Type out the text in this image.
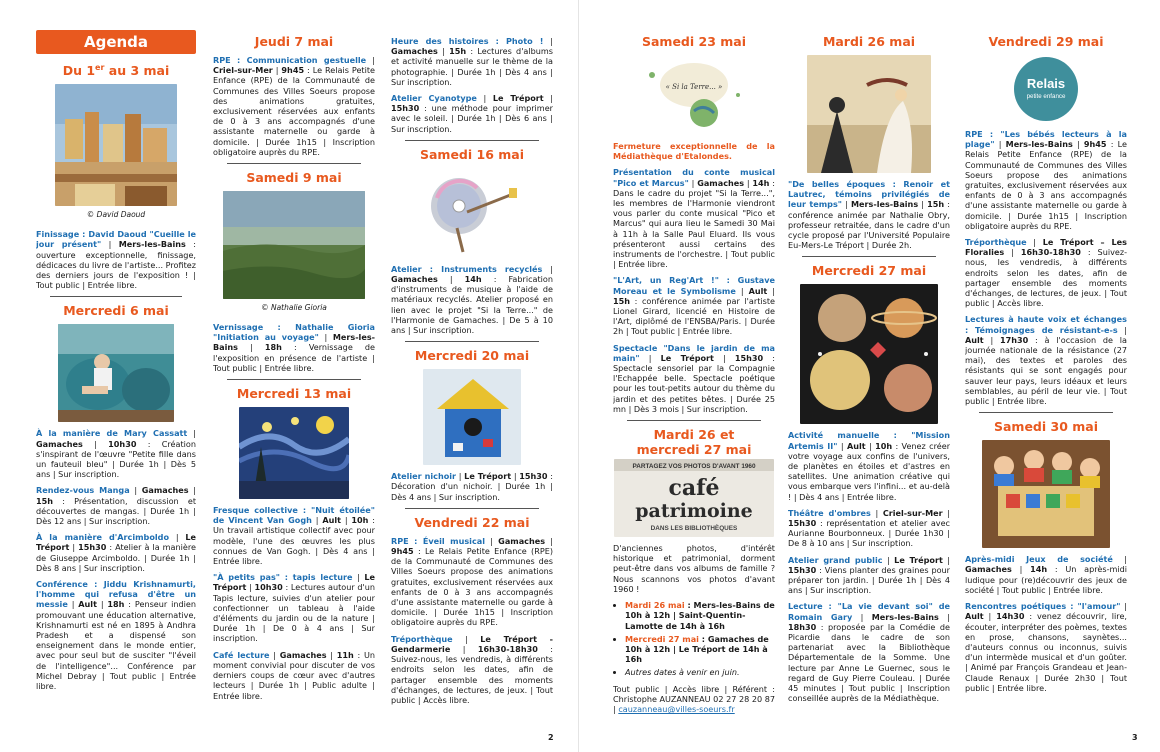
Agenda
Du 1er au 3 mai
© David Daoud
Finissage : David Daoud "Cueille le jour présent" | Mers-les-Bains : ouverture exceptionnelle, finissage, dédicaces du livre de l'artiste... Profitez des derniers jours de l'exposition ! | Tout public | Entrée libre.
Mercredi 6 mai
À la manière de Mary Cassatt | Gamaches | 10h30 : Création s'inspirant de l'œuvre "Petite fille dans un fauteuil bleu" | Durée 1h | Dès 5 ans | Sur inscription.
Rendez-vous Manga | Gamaches | 15h : Présentation, discussion et découvertes de mangas. | Durée 1h | Dès 12 ans | Sur inscription.
À la manière d'Arcimboldo | Le Tréport | 15h30 : Atelier à la manière de Giuseppe Arcimboldo. | Durée 1h | Dès 8 ans | Sur inscription.
Conférence : Jiddu Krishnamurti, l'homme qui refusa d'être un messie | Ault | 18h : Penseur indien promouvant une éducation alternative, Krishnamurti est né en 1895 à Andhra Pradesh et a dispensé son enseignement dans le monde entier, avec pour seul but de susciter "l'éveil de l'intelligence"... Conférence par Michel Debray | Tout public | Entrée libre.
Jeudi 7 mai
RPE : Communication gestuelle | Criel-sur-Mer | 9h45 : Le Relais Petite Enfance (RPE) de la Communauté de Communes des Villes Soeurs propose des animations gratuites, exclusivement réservées aux enfants de 0 à 3 ans accompagnés d'une assistante maternelle ou garde à domicile. | Durée 1h15 | Inscription obligatoire auprès du RPE.
Samedi 9 mai
© Nathalie Gioria
Vernissage : Nathalie Gioria "Initiation au voyage" | Mers-les-Bains | 18h : Vernissage de l'exposition en présence de l'artiste | Tout public | Entrée libre.
Mercredi 13 mai
Fresque collective : "Nuit étoilée" de Vincent Van Gogh | Ault | 10h : Un travail artistique collectif avec pour modèle, l'une des œuvres les plus connues de Van Gogh. | Dès 4 ans | Entrée libre.
"À petits pas" : tapis lecture | Le Tréport | 10h30 : Lectures autour d'un Tapis lecture, suivies d'un atelier pour confectionner un tableau à l'aide d'éléments du jardin ou de la nature | Durée 1h | De 0 à 4 ans | Sur inscription.
Café lecture | Gamaches | 11h : Un moment convivial pour discuter de vos derniers coups de cœur avec d'autres lecteurs | Durée 1h | Public adulte | Entrée libre.
Heure des histoires : Photo ! | Gamaches | 15h : Lectures d'albums et activité manuelle sur le thème de la photographie. | Durée 1h | Dès 4 ans | Sur inscription.
Atelier Cyanotype | Le Tréport | 15h30 : une méthode pour imprimer avec le soleil. | Durée 1h | Dès 6 ans | Sur inscription.
Samedi 16 mai
Atelier : Instruments recyclés | Gamaches | 14h : Fabrication d'instruments de musique à l'aide de matériaux recyclés. Atelier proposé en lien avec le projet "Si la Terre..." de l'Harmonie de Gamaches. | De 5 à 10 ans | Sur inscription.
Mercredi 20 mai
Atelier nichoir | Le Tréport | 15h30 : Décoration d'un nichoir. | Durée 1h | Dès 4 ans | Sur inscription.
Vendredi 22 mai
RPE : Éveil musical | Gamaches | 9h45 : Le Relais Petite Enfance (RPE) de la Communauté de Communes des Villes Soeurs propose des animations gratuites, exclusivement réservées aux enfants de 0 à 3 ans accompagnés d'une assistante maternelle ou garde à domicile. | Durée 1h15 | Inscription obligatoire auprès du RPE.
Tréporthèque | Le Tréport - Gendarmerie | 16h30-18h30 : Suivez-nous, les vendredis, à différents endroits selon les dates, afin de partager ensemble des moments d'échanges, de lectures, de jeux. | Tout public | Accès libre.
2
Samedi 23 mai
« Si la Terre... »
Fermeture exceptionnelle de la Médiathèque d'Etalondes.
Présentation du conte musical "Pico et Marcus" | Gamaches | 14h : Dans le cadre du projet "Si la Terre...", les membres de l'Harmonie viendront vous parler du conte musical "Pico et Marcus" qui aura lieu le Samedi 30 Mai à 11h à la Salle Paul Eluard. Ils vous présenteront aussi certains des instruments de l'orchestre. | Tout public | Entrée libre.
"L'Art, un Reg'Art !" : Gustave Moreau et le Symbolisme | Ault | 15h : conférence animée par l'artiste Lionel Girard, licencié en Histoire de l'Art, diplômé de l'ENSBA/Paris. | Durée 2h | Tout public | Entrée libre.
Spectacle "Dans le jardin de ma main" | Le Tréport | 15h30 : Spectacle sensoriel par la Compagnie l'Echappée belle. Spectacle poétique pour les tout-petits autour du thème du jardin et des petites bêtes. | Durée 25 mn | Dès 3 mois | Sur inscription.
Mardi 26 et
mercredi 27 mai
PARTAGEZ VOS PHOTOS D'AVANT 1960
café
patrimoine
DANS LES BIBLIOTHÈQUES
D'anciennes photos, d'intérêt historique et patrimonial, dorment peut-être dans vos albums de famille ? Nous scannons vos photos d'avant 1960 !
• Mardi 26 mai : Mers-les-Bains de 10h à 12h | Saint-Quentin-Lamotte de 14h à 16h
• Mercredi 27 mai : Gamaches de 10h à 12h | Le Tréport de 14h à 16h
• Autres dates à venir en juin.
Tout public | Accès libre | Référent : Christophe AUZANNEAU 02 27 28 20 87 | cauzanneau@villes-soeurs.fr
Mardi 26 mai
"De belles époques : Renoir et Lautrec, témoins privilégiés de leur temps" | Mers-les-Bains | 15h : conférence animée par Nathalie Obry, professeur retraitée, dans le cadre d'un cycle proposé par l'Université Populaire Eu-Mers-Le Tréport | Durée 2h.
Mercredi 27 mai
Activité manuelle : "Mission Artemis II" | Ault | 10h : Venez créer votre voyage aux confins de l'univers, de planètes en étoiles et d'astres en satellites. Une animation créative qui vous embarque vers l'infini... et au-delà ! | Dès 4 ans | Entrée libre.
Théâtre d'ombres | Criel-sur-Mer | 15h30 : représentation et atelier avec Aurianne Bourbonneux. | Durée 1h30 | De 8 à 10 ans | Sur inscription.
Atelier grand public | Le Tréport | 15h30 : Viens planter des graines pour préparer ton jardin. | Durée 1h | Dès 4 ans | Sur inscription.
Lecture : "La vie devant soi" de Romain Gary | Mers-les-Bains | 18h30 : proposée par la Comédie de Picardie dans le cadre de son partenariat avec la Bibliothèque Départementale de la Somme. Une lecture par Anne Le Guernec, sous le regard de Guy Pierre Couleau. | Durée 45 minutes | Tout public | Inscription conseillée auprès de la Médiathèque.
Vendredi 29 mai
Relais
petite enfance
RPE : "Les bébés lecteurs à la plage" | Mers-les-Bains | 9h45 : Le Relais Petite Enfance (RPE) de la Communauté de Communes des Villes Soeurs propose des animations gratuites, exclusivement réservées aux enfants de 0 à 3 ans accompagnés d'une assistante maternelle ou garde à domicile. | Durée 1h15 | Inscription obligatoire auprès du RPE.
Tréporthèque | Le Tréport – Les Floralies | 16h30-18h30 : Suivez-nous, les vendredis, à différents endroits selon les dates, afin de partager ensemble des moments d'échanges, de lectures, de jeux. | Tout public | Accès libre.
Lectures à haute voix et échanges : Témoignages de résistant-e-s | Ault | 17h30 : à l'occasion de la journée nationale de la résistance (27 mai), des textes et paroles des résistants qui se sont engagés pour sauver leur pays, leurs idéaux et leurs semblables, au péril de leur vie. | Tout public | Entrée libre.
Samedi 30 mai
Après-midi Jeux de société | Gamaches | 14h : Un après-midi ludique pour (re)découvrir des jeux de société | Tout public | Entrée libre.
Rencontres poétiques : "l'amour" | Ault | 14h30 : venez découvrir, lire, écouter, interpréter des poèmes, textes en prose, chansons, saynètes... d'auteurs connus ou inconnus, suivis d'un intermède musical et d'un goûter. | Animé par François Grandeau et Jean-Claude Renaux | Durée 2h30 | Tout public | Entrée libre.
3
